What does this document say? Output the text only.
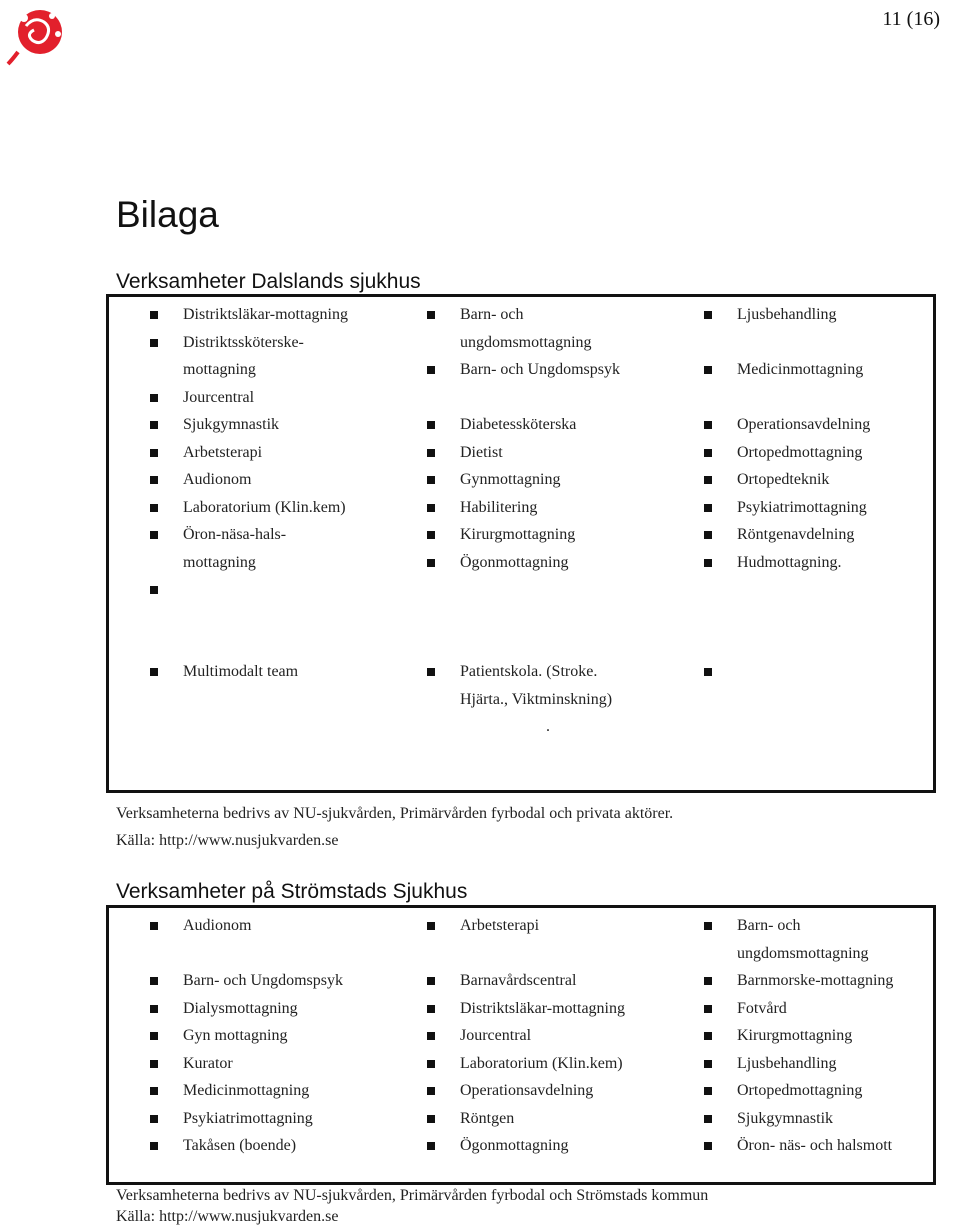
11 (16)
Bilaga
Verksamheter Dalslands sjukhus
Distriktsläkar-mottagning
Distriktssköterske-mottagning
Jourcentral
Sjukgymnastik
Arbetsterapi
Audionom
Laboratorium (Klin.kem)
Öron-näsa-hals-mottagning

Barn- och ungdomsmottagning
Barn- och Ungdomspsyk
Diabetessköterska
Dietist
Gynmottagning
Habilitering
Kirurgmottagning
Ögonmottagning
Ljusbehandling
Medicinmottagning
Operationsavdelning
Ortopedmottagning
Ortopedteknik
Psykiatrimottagning
Röntgenavdelning
Hudmottagning.
Multimodalt team	Patientskola. (Stroke.
Hjärta., Viktminskning)
.

Verksamheterna bedrivs av NU-sjukvården, Primärvården fyrbodal och privata aktörer.

Källa: http://www.nusjukvarden.se

Verksamheter på Strömstads Sjukhus
Audionom
Barn- och Ungdomspsyk
Dialysmottagning
Gyn mottagning
Kurator
Medicinmottagning
Psykiatrimottagning
Takåsen (boende)
Arbetsterapi
Barnavårdscentral
Distriktsläkar-mottagning
Jourcentral
Laboratorium (Klin.kem)
Operationsavdelning
Röntgen
Ögonmottagning
Barn- och ungdomsmottagning
Barnmorske-mottagning
Fotvård
Kirurgmottagning
Ljusbehandling
Ortopedmottagning
Sjukgymnastik
Öron- näs- och halsmott

Verksamheterna bedrivs av NU-sjukvården, Primärvården fyrbodal och Strömstads kommun

Källa: http://www.nusjukvarden.se
